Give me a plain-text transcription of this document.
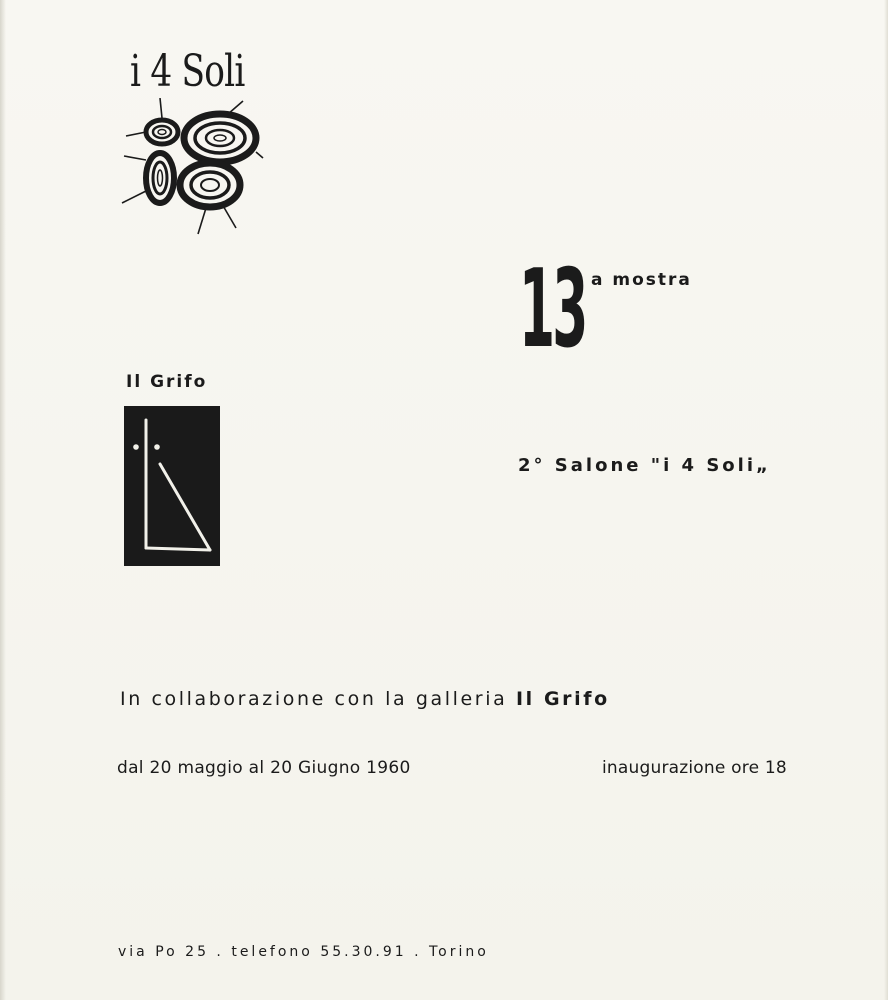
i 4 Soli
13 a mostra
Il Grifo
2° Salone "i 4 Soli„
In collaborazione con la galleria Il Grifo
dal 20 maggio al 20 Giugno 1960	inaugurazione ore 18
via Po 25 . telefono 55.30.91 . Torino
